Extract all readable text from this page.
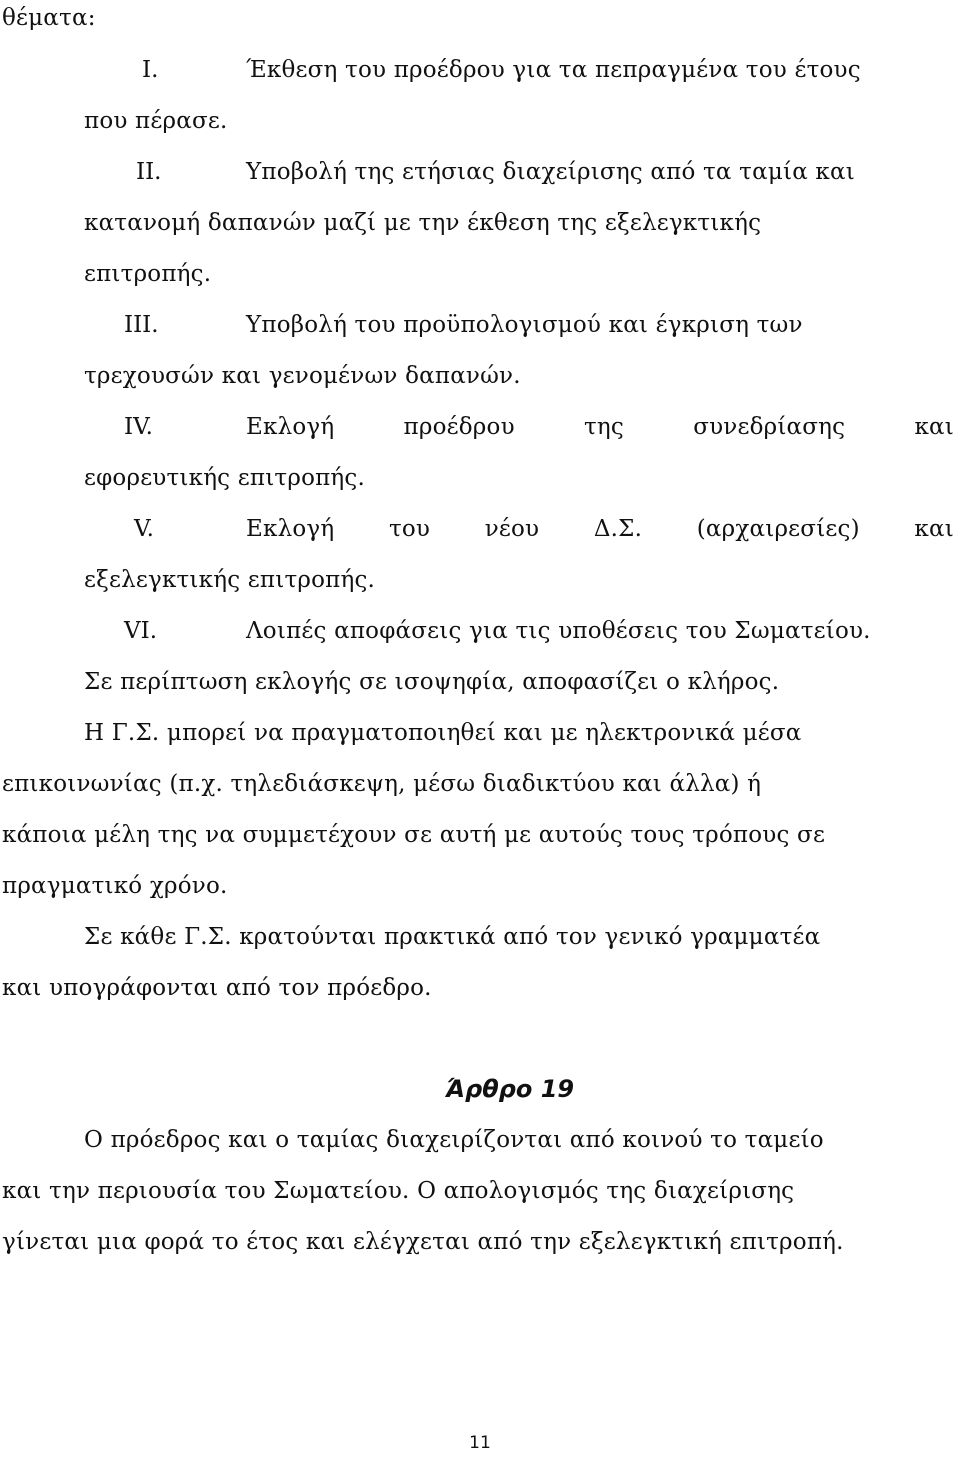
θέματα:
I.	Έκθεση του προέδρου για τα πεπραγμένα του έτους
που πέρασε.
II.	Υποβολή της ετήσιας διαχείρισης από τα ταμία και
κατανομή δαπανών μαζί με την έκθεση της εξελεγκτικής
επιτροπής.
III.	Υποβολή του προϋπολογισμού και έγκριση των
τρεχουσών και γενομένων δαπανών.
IV.	Εκλογή	προέδρου	της	συνεδρίασης	και
εφορευτικής επιτροπής.
V.	Εκλογή του νέου Δ.Σ. (αρχαιρεσίες) και
εξελεγκτικής επιτροπής.
VI.	Λοιπές αποφάσεις για τις υποθέσεις του Σωματείου.
Σε περίπτωση εκλογής σε ισοψηφία, αποφασίζει ο κλήρος.
Η Γ.Σ. μπορεί να πραγματοποιηθεί και με ηλεκτρονικά μέσα
επικοινωνίας (π.χ. τηλεδιάσκεψη, μέσω διαδικτύου και άλλα) ή
κάποια μέλη της να συμμετέχουν σε αυτή με αυτούς τους τρόπους σε
πραγματικό χρόνο.
Σε κάθε Γ.Σ. κρατούνται πρακτικά από τον γενικό γραμματέα
και υπογράφονται από τον πρόεδρο.
Άρθρο 19
Ο πρόεδρος και ο ταμίας διαχειρίζονται από κοινού το ταμείο
και την περιουσία του Σωματείου. Ο απολογισμός της διαχείρισης
γίνεται μια φορά το έτος και ελέγχεται από την εξελεγκτική επιτροπή.
11
